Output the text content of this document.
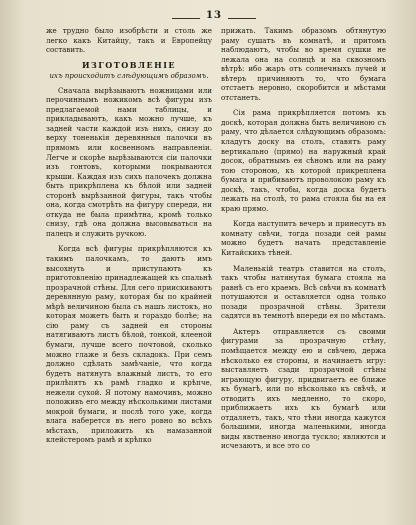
13

же трудно было изобрѣсти и столь же легко какъ Китайцу, такъ и Европейцу составить.

ИЗГОТОВЛЕНІЕ
ихъ происходитъ слѣдующимъ образомъ.

Сначала вырѣзываютъ ножницами или перочиннымъ ножикомъ всѣ фигуры изъ предлагаемой нами таблицы, и прикладываютъ, какъ можно лучше, къ задней части каждой изъ нихъ, снизу до верху тоненькія деревянныя палочки въ прямомъ или косвенномъ направленіи. Легче и скорѣе вырѣзываются сіи палочки изъ гонтовъ, которыми покрываются крыши. Каждая изъ сихъ палочекъ должна быть прикрѣплена къ бѣлой или задней сторонѣ вырѣзанной фигуры, такъ чтобы она, когда смотрѣть на фигуру спереди, ни откуда не была примѣтна, кромѣ только снизу, гдѣ она должна высовываться на палецъ и служить ручкою.

Когда всѣ фигуры прикрѣпляются къ такимъ палочкамъ, то даютъ имъ высохнуть и приступаютъ къ приготовленію принадлежащей къ спальнѣ прозрачной стѣны. Для сего приискиваютъ деревянную раму, которая бы по крайней мѣрѣ величиною была съ нашъ листокъ, но которая можетъ быть и гораздо болѣе; на сію раму съ задней ея стороны натягиваютъ листъ бѣлой, тонкой, клееной бумаги, лучше всего почтовой, сколько можно глаже и безъ складокъ. При семъ должно сдѣлать замѣчаніе, что когда будетъ натянутъ влажный листъ, то его прилѣпятъ къ рамѣ гладко и крѣпче, нежели сухой. Я потому намочивъ, можно положивъ его между нѣсколькими листами мокрой бумаги, и послѣ того уже, когда влага наберется въ него ровно во всѣхъ мѣстахъ, приложить къ намазанной клейстеромъ рамѣ и крѣпко

прижать. Такимъ образомъ обтянутую раму сушатъ въ комнатѣ, и притомъ наблюдаютъ, чтобы во время сушки не лежала она на солнцѣ и на сквозномъ вѣтрѣ: ибо жаръ отъ солнечныхъ лучей и вѣтеръ причиняютъ то, что бумага отстаетъ неровно, скоробится и мѣстами отстанетъ.

Сія рама прикрѣпляется потомъ къ доскѣ, которая должна быть величиною съ раму, что дѣлается слѣдующимъ образомъ: кладутъ доску на столъ, ставятъ раму вертикально (прямо) на наружный край досок, обратнымъ ея сѣномъ или на раму тою стороною, къ которой прикреплена бумага и прибиваютъ проволокою раму къ доскѣ, такъ, чтобы, когда доска будетъ лежать на столѣ, то рама стояла бы на ея краю прямо.

Когда наступитъ вечеръ и принесутъ въ комнату свѣчи, тогда позади сей рамы можно будетъ начать представленіе Китайскихъ тѣней.

Маленькій театръ ставится на столъ, такъ чтобы натянутая бумага стояла на равнѣ съ его краемъ. Всѣ свѣчи въ комнатѣ потушаются и оставляется одна только позади прозрачной стѣны. Зрители садятся въ темнотѣ впереди ея по мѣстамъ.

Актеръ отправляется съ своими фигурами за прозрачную стѣну, помѣщается между ею и свѣчею, держа нѣсколько ея стороны, и начинаетъ игру: выставляетъ сзади прозрачной стѣны играющую фигуру, придвигаетъ ее ближе къ бумагѣ, или по нѣсколько къ свѣчѣ, и отводитъ ихъ медленно, то скоро, приближаетъ ихъ къ бумагѣ или отдаляетъ, такъ, что тѣни иногда кажутся большими, иногда маленькими, иногда виды явственно иногда тускло; являются и исчезаютъ, и все это со
